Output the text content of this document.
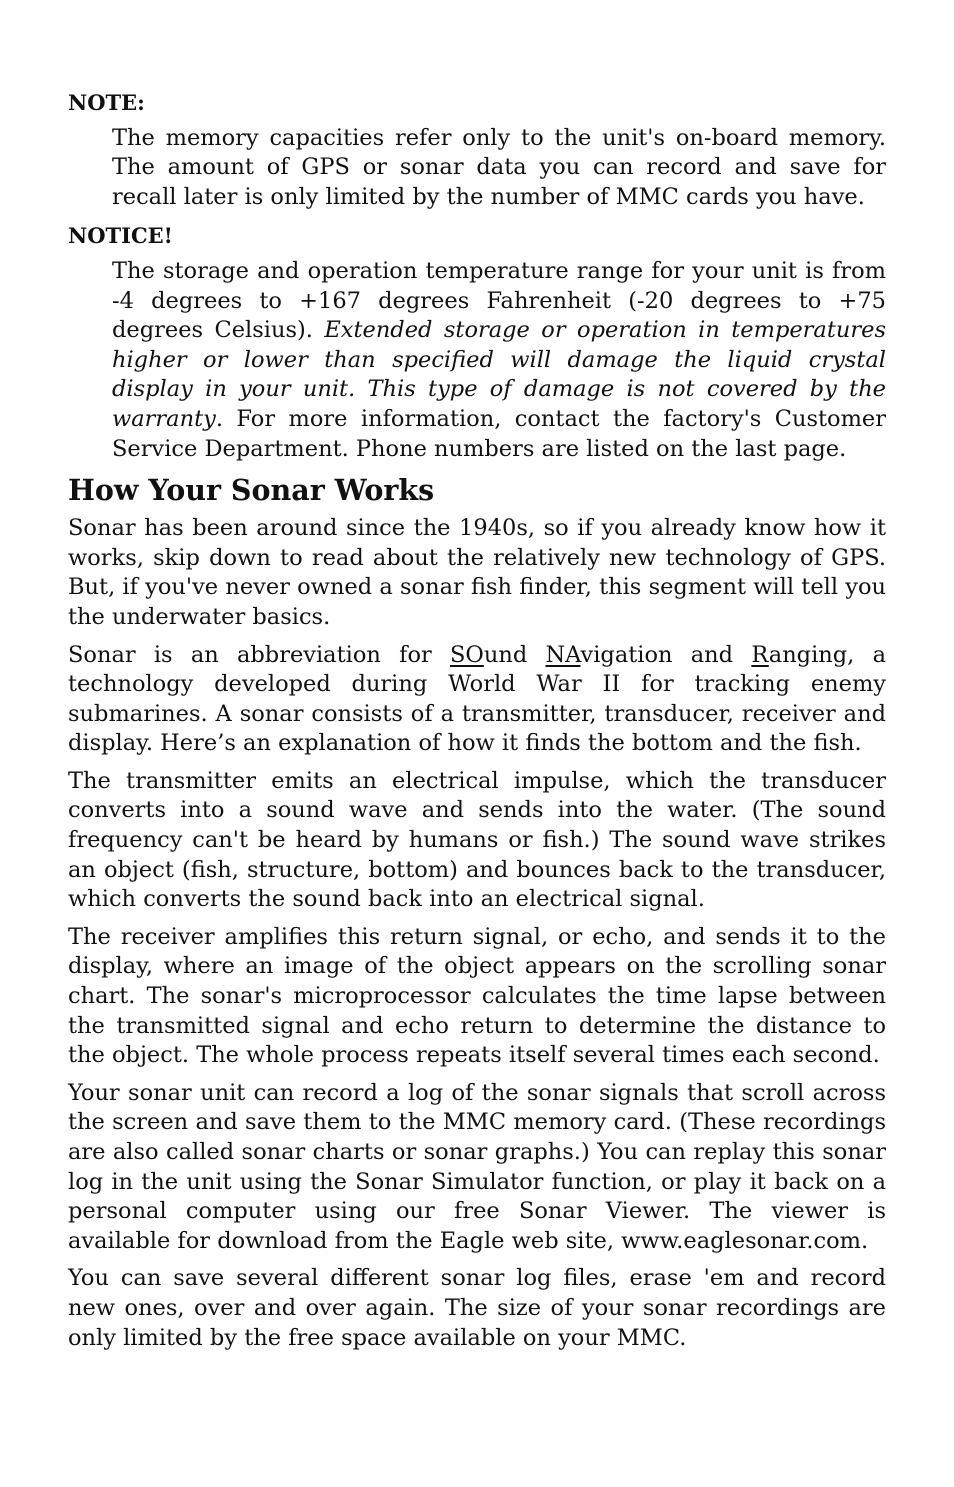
NOTE:

The memory capacities refer only to the unit's on-board memory. The amount of GPS or sonar data you can record and save for recall later is only limited by the number of MMC cards you have.

NOTICE!

The storage and operation temperature range for your unit is from -4 degrees to +167 degrees Fahrenheit (-20 degrees to +75 degrees Celsius). Extended storage or operation in temperatures higher or lower than specified will damage the liquid crystal display in your unit. This type of damage is not covered by the warranty. For more information, contact the factory's Customer Service Department. Phone numbers are listed on the last page.

How Your Sonar Works

Sonar has been around since the 1940s, so if you already know how it works, skip down to read about the relatively new technology of GPS. But, if you've never owned a sonar fish finder, this segment will tell you the underwater basics.

Sonar is an abbreviation for SOund NAvigation and Ranging, a technology developed during World War II for tracking enemy submarines. A sonar consists of a transmitter, transducer, receiver and display. Here’s an explanation of how it finds the bottom and the fish.

The transmitter emits an electrical impulse, which the transducer converts into a sound wave and sends into the water. (The sound frequency can't be heard by humans or fish.) The sound wave strikes an object (fish, structure, bottom) and bounces back to the transducer, which converts the sound back into an electrical signal.

The receiver amplifies this return signal, or echo, and sends it to the display, where an image of the object appears on the scrolling sonar chart. The sonar's microprocessor calculates the time lapse between the transmitted signal and echo return to determine the distance to the object. The whole process repeats itself several times each second.

Your sonar unit can record a log of the sonar signals that scroll across the screen and save them to the MMC memory card. (These recordings are also called sonar charts or sonar graphs.) You can replay this sonar log in the unit using the Sonar Simulator function, or play it back on a personal computer using our free Sonar Viewer. The viewer is available for download from the Eagle web site, www.eaglesonar.com.

You can save several different sonar log files, erase 'em and record new ones, over and over again. The size of your sonar recordings are only limited by the free space available on your MMC.
